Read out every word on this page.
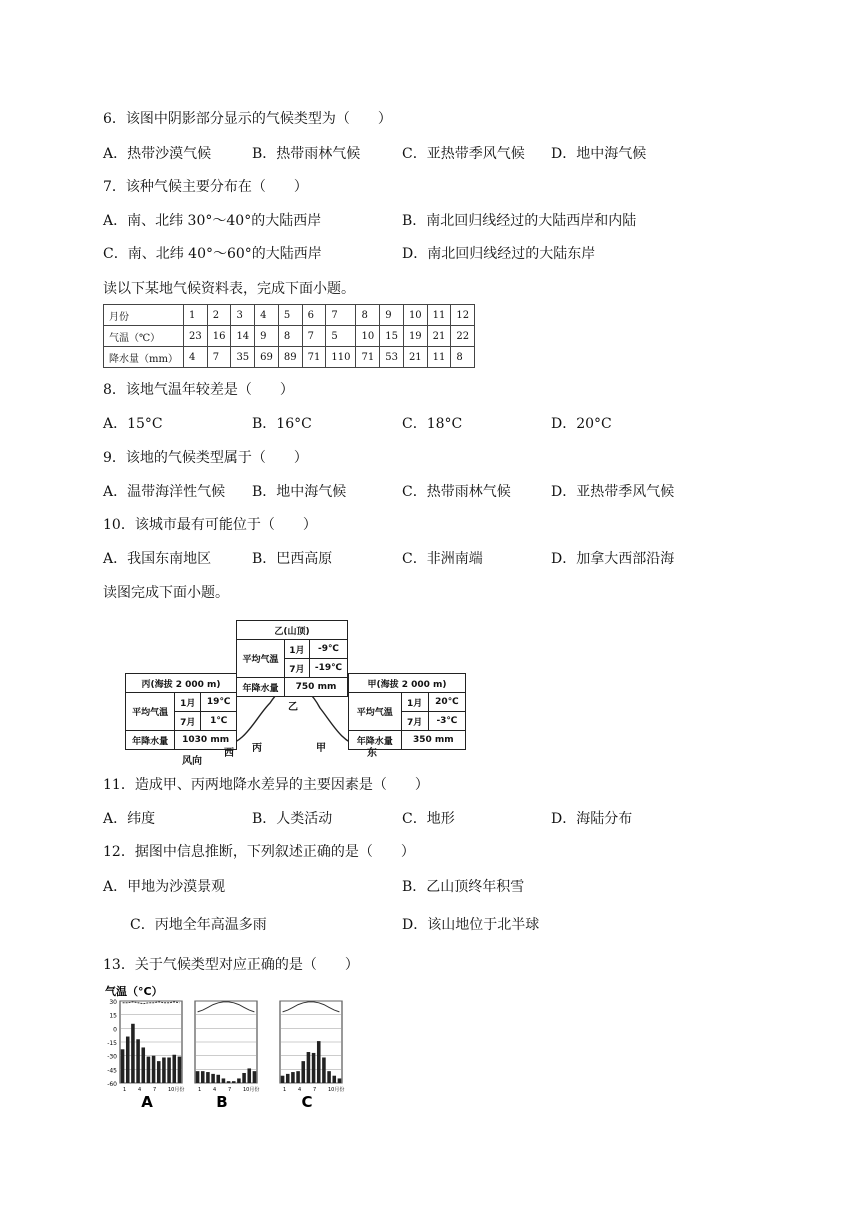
6．该图中阴影部分显示的气候类型为（　　）
A．热带沙漠气候	B．热带雨林气候	C．亚热带季风气候 D．地中海气候
7．该种气候主要分布在（　　）
A．南、北纬 30°～40°的大陆西岸	B．南北回归线经过的大陆西岸和内陆
C．南、北纬 40°～60°的大陆西岸	D．南北回归线经过的大陆东岸
读以下某地气候资料表，完成下面小题。
月份	1	2	3	4	5	6	7	8	9	10	11	12
气温（℃）	23	16	14	9	8	7	5	10	15	19	21	22
降水量（mm）	4	7	35	69	89	71	110	71	53	21	11	8
8．该地气温年较差是（　　）
A．15°C	B．16°C	C．18°C	D．20°C
9．该地的气候类型属于（　　）
A．温带海洋性气候 B．地中海气候	C．热带雨林气候	D．亚热带季风气候
10．该城市最有可能位于（　　）
A．我国东南地区	B．巴西高原	C．非洲南端	D．加拿大西部沿海
读图完成下面小题。
乙(山顶)		
平均气温	1月	-9℃
	7月	-19℃
年降水量	750 mm	
丙(海拔 2 000 m)		
平均气温	1月	19℃
	7月	1℃
年降水量	1030 mm	
甲(海拔 2 000 m)		
平均气温	1月	20℃
	7月	-3℃
年降水量	350 mm	
乙
丙	甲
西	东
风向
11．造成甲、丙两地降水差异的主要因素是（　　）
A．纬度	B．人类活动	C．地形	D．海陆分布
12．据图中信息推断，下列叙述正确的是（　　）
A．甲地为沙漠景观	B．乙山顶终年积雪
C．丙地全年高温多雨	D．该山地位于北半球
13．关于气候类型对应正确的是（　　）
气温（°C）
30
15
0
-15
-30
-45
-60
1 4 7 10月份
A
1 4 7 10月份
B
1 4 7 10月份
C
